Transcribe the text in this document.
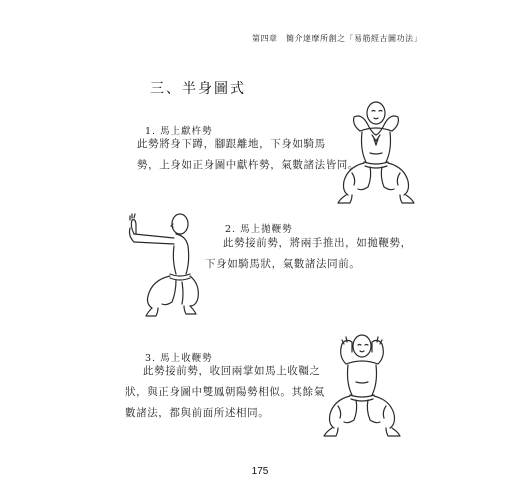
第四章　簡介達摩所創之「易筋經古圖功法」
三、半身圖式
1. 馬上獻杵勢
此勢將身下蹲，腳跟離地，下身如騎馬
勢，上身如正身圖中獻杵勢，氣數諸法皆同。
2. 馬上拋鞭勢
此勢接前勢，將兩手推出，如拋鞭勢，
下身如騎馬狀，氣數諸法同前。
3. 馬上收鞭勢
此勢接前勢，收回兩掌如馬上收韁之
狀，與正身圖中雙鳳朝陽勢相似。其餘氣
數諸法，都與前面所述相同。
175
